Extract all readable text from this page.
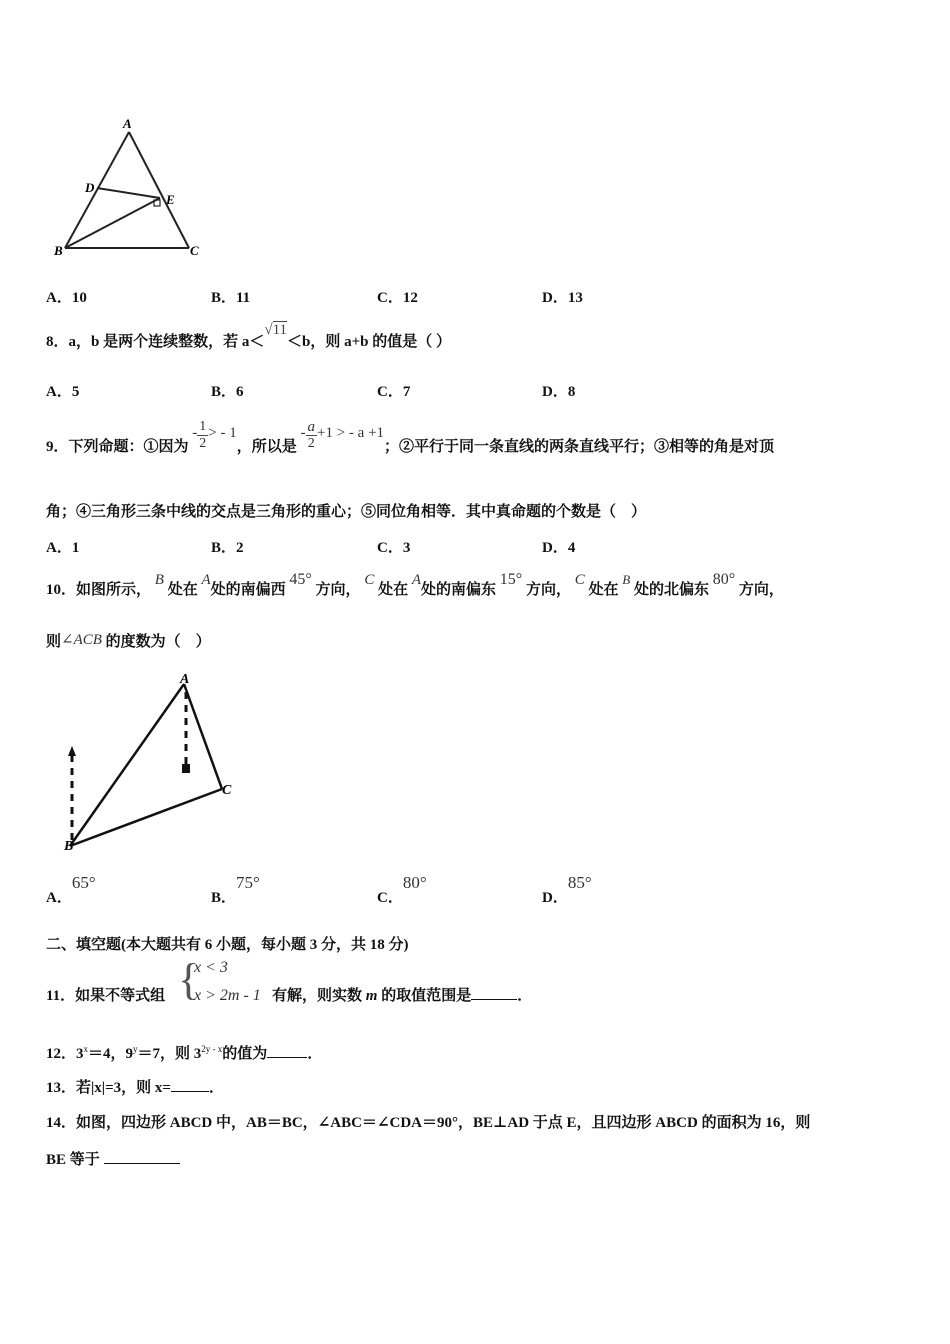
A
D
E
B	C
A．10	B．11	C．12	D．13
8．a，b 是两个连续整数，若 a＜√11＜b，则 a+b 的值是（ ）
A．5	B．6	C．7	D．8
9．下列命题：①因为 - $\frac{1}{2}$ > - 1，所以是 - $\frac{a}{2} +1$ > - a +1；②平行于同一条直线的两条直线平行；③相等的角是对顶
角；④三角形三条中线的交点是三角形的重心；⑤同位角相等．其中真命题的个数是（　）
A．1	B．2	C．3	D．4
10．如图所示， B 处在 A处的南偏西 45° 方向， C 处在 A处的南偏东 15° 方向， C 处在 B 处的北偏东 80° 方向，
则∠ACB 的度数为（　）
A
C
B
A．65°
B．75°
C．80°
D．85°
二、填空题(本大题共有 6 小题，每小题 3 分，共 18 分)
11．如果不等式组 {
x < 3
x > 2m - 1 有解，则实数 m 的取值范围是	．
12．$3^x=4$，$9^y=7$，则 $3^{2y - x}$的值为	．
13．若|x|=3，则 x=	．
14．如图，四边形 ABCD 中，AB＝BC，∠ABC＝∠CDA＝90°，BE⊥AD 于点 E，且四边形 ABCD 的面积为 16，则
BE 等于
